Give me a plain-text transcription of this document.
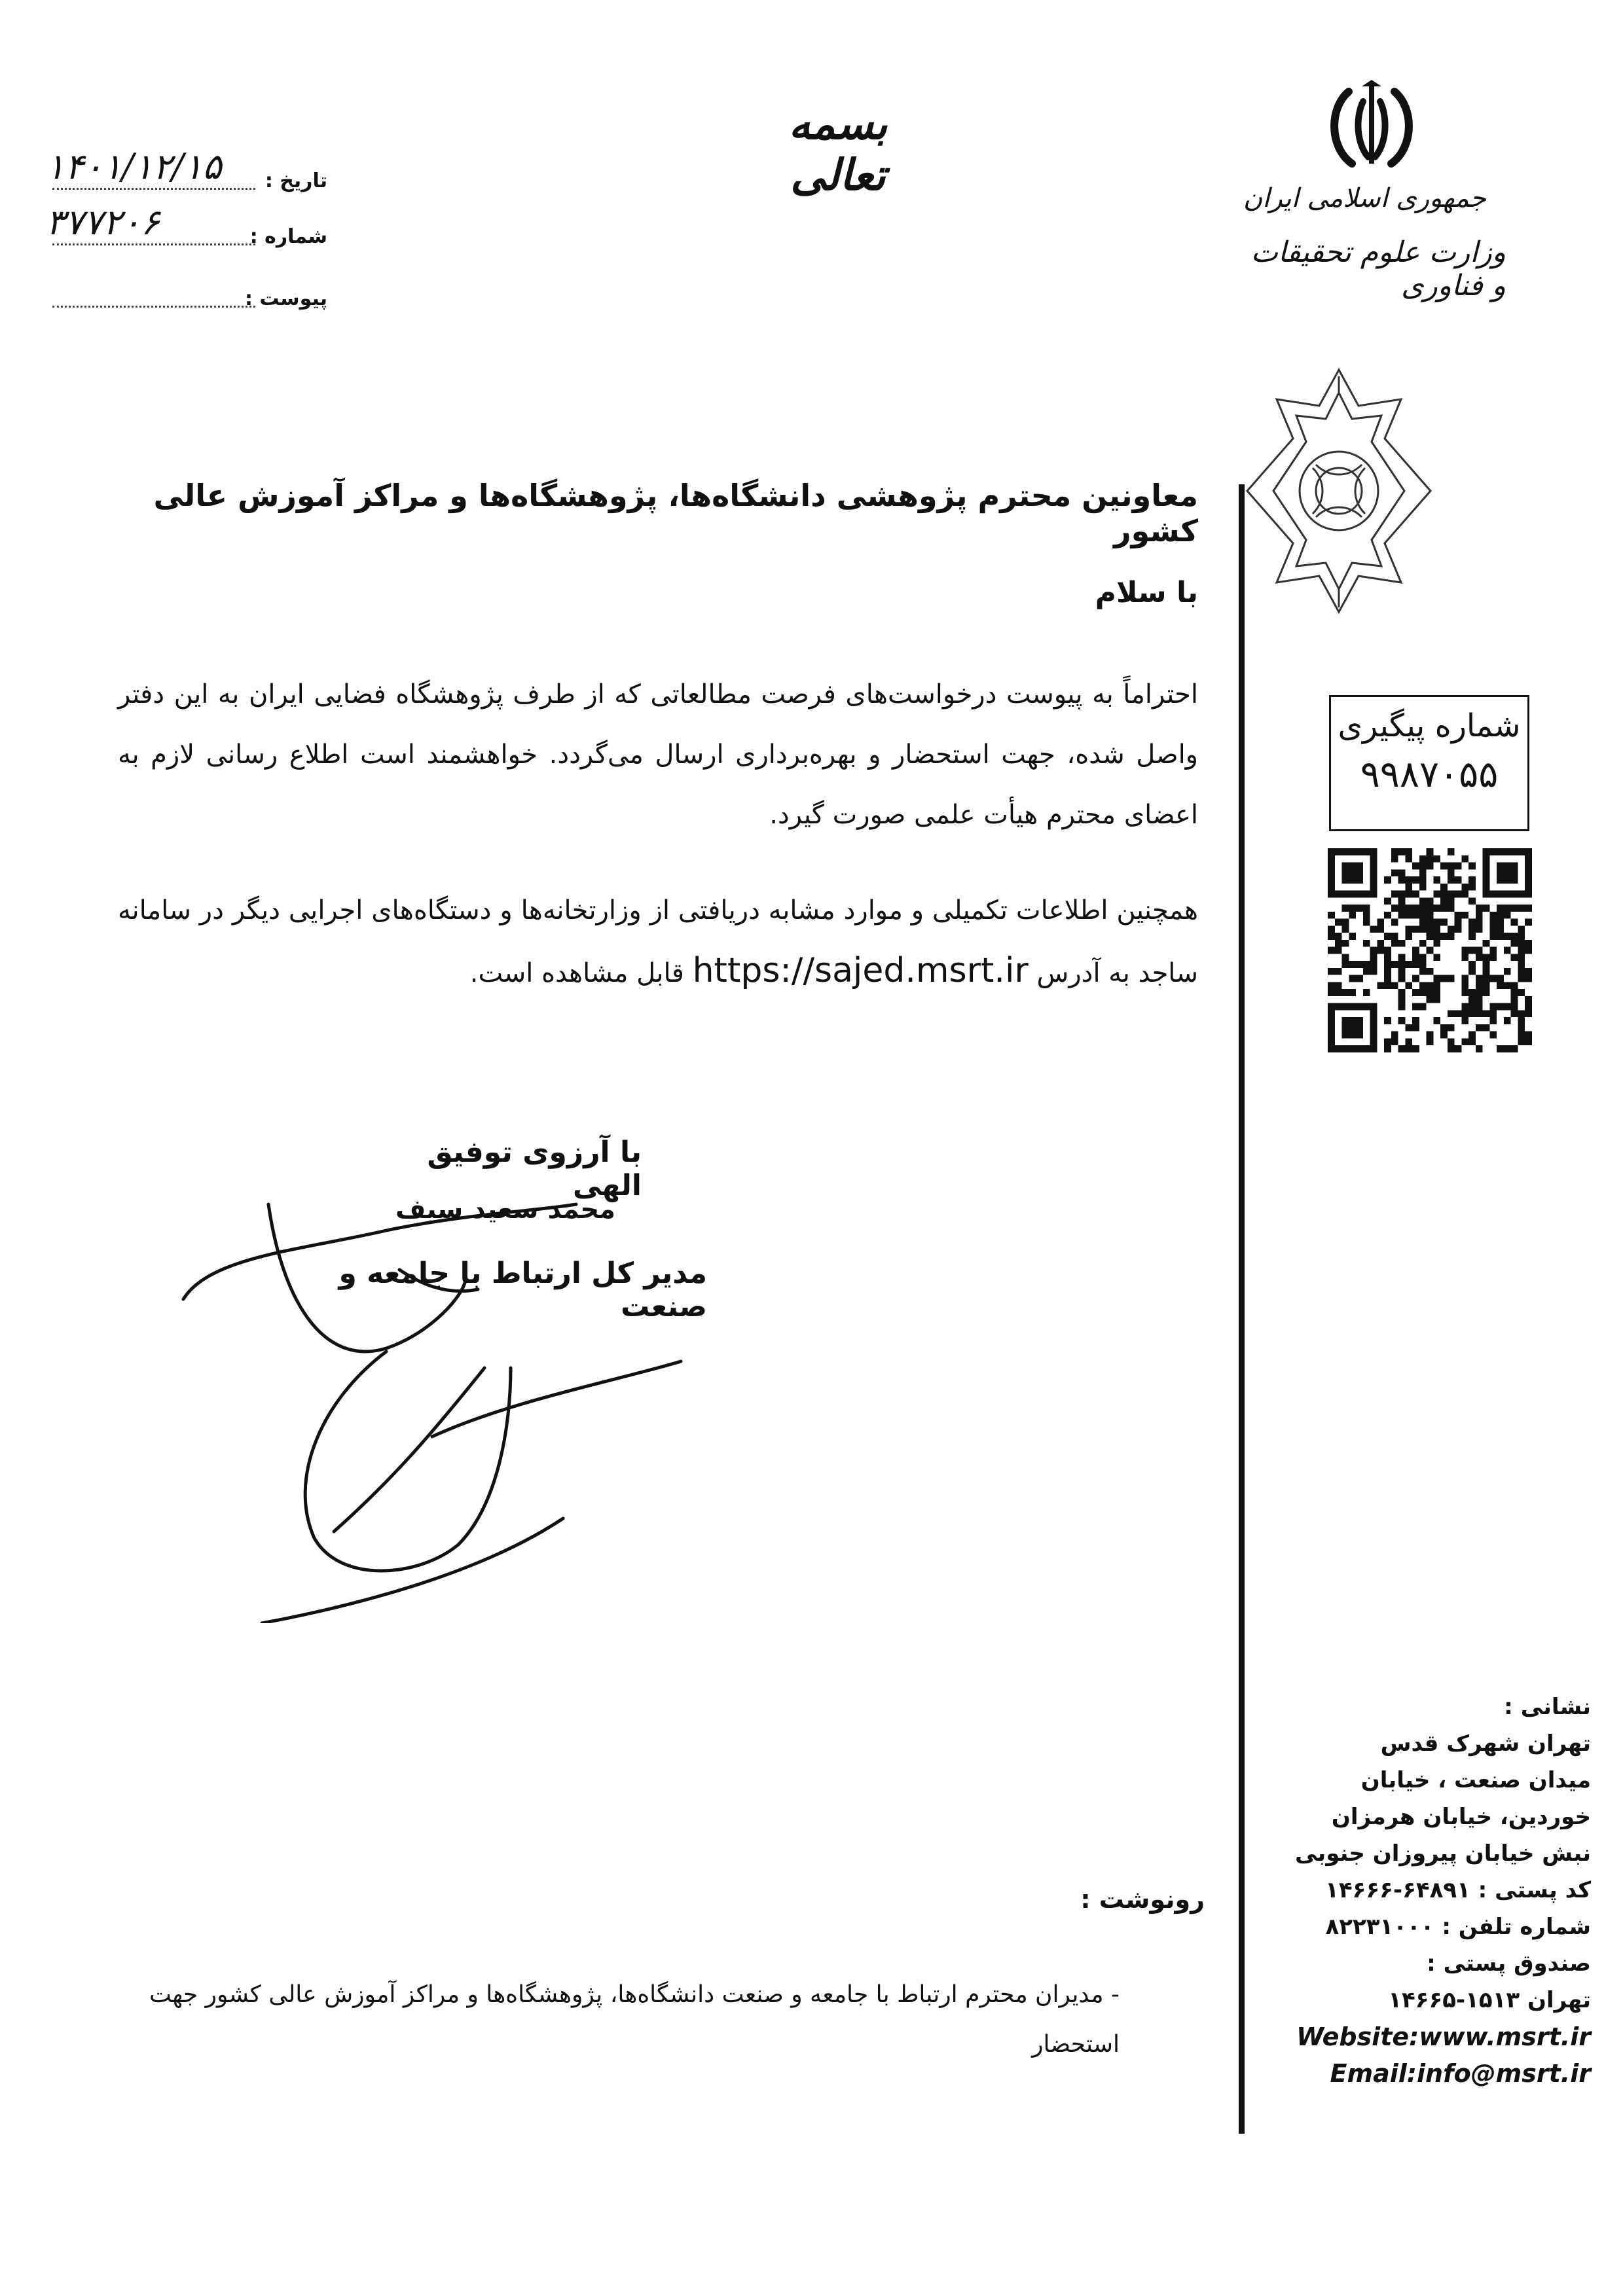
بسمه تعالی	جمهوری اسلامی ایران
وزارت علوم تحقیقات و فناوری
تاریخ :
۱۴۰۱/۱۲/۱۵
شماره :
۳۷۷۲۰۶
پیوست :
شماره پیگیری
۹۹۸۷۰۵۵
معاونین محترم پژوهشی دانشگاه‌ها، پژوهشگاه‌ها و مراکز آموزش عالی کشور
با سلام
احتراماً به پیوست درخواست‌های فرصت مطالعاتی که از طرف پژوهشگاه فضایی ایران به این دفتر واصل شده، جهت استحضار و بهره‌برداری ارسال می‌گردد. خواهشمند است اطلاع رسانی لازم به اعضای محترم هیأت علمی صورت گیرد.
همچنین اطلاعات تکمیلی و موارد مشابه دریافتی از وزارتخانه‌ها و دستگاه‌های اجرایی دیگر در سامانه ساجد به آدرس https://sajed.msrt.ir قابل مشاهده است.
با آرزوی توفیق الهی
محمد سعید سیف
مدیر کل ارتباط با جامعه و صنعت
نشانی :
تهران شهرک قدس
میدان صنعت ، خیابان
خوردین، خیابان هرمزان
نبش خیابان پیروزان جنوبی
کد پستی : ۶۴۸۹۱-۱۴۶۶۶
شماره تلفن : ۸۲۲۳۱۰۰۰
صندوق پستی :
تهران ۱۵۱۳-۱۴۶۶۵
Website:www.msrt.ir
Email:info@msrt.ir
رونوشت :
- مدیران محترم ارتباط با جامعه و صنعت دانشگاه‌ها، پژوهشگاه‌ها و مراکز آموزش عالی کشور جهت استحضار
